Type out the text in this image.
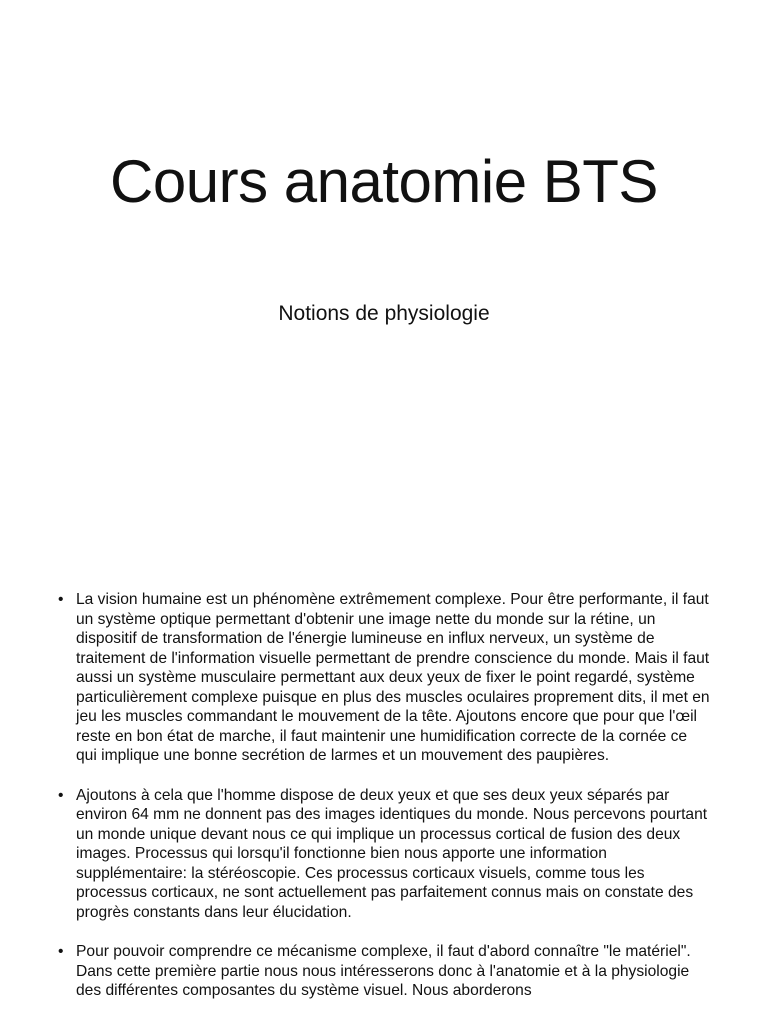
Cours anatomie BTS

Notions de physiologie

• La vision humaine est un phénomène extrêmement complexe. Pour être performante, il faut un système optique permettant d'obtenir une image nette du monde sur la rétine, un dispositif de transformation de l'énergie lumineuse en influx nerveux, un système de traitement de l'information visuelle permettant de prendre conscience du monde. Mais il faut aussi un système musculaire permettant aux deux yeux de fixer le point regardé, système particulièrement complexe puisque en plus des muscles oculaires proprement dits, il met en jeu les muscles commandant le mouvement de la tête. Ajoutons encore que pour que l'œil reste en bon état de marche, il faut maintenir une humidification correcte de la cornée ce qui implique une bonne secrétion de larmes et un mouvement des paupières.
• Ajoutons à cela que l'homme dispose de deux yeux et que ses deux yeux séparés par environ 64 mm ne donnent pas des images identiques du monde. Nous percevons pourtant un monde unique devant nous ce qui implique un processus cortical de fusion des deux images. Processus qui lorsqu'il fonctionne bien nous apporte une information supplémentaire: la stéréoscopie. Ces processus corticaux visuels, comme tous les processus corticaux, ne sont actuellement pas parfaitement connus mais on constate des progrès constants dans leur élucidation.
• Pour pouvoir comprendre ce mécanisme complexe, il faut d'abord connaître "le matériel". Dans cette première partie nous nous intéresserons donc à l'anatomie et à la physiologie des différentes composantes du système visuel. Nous aborderons
